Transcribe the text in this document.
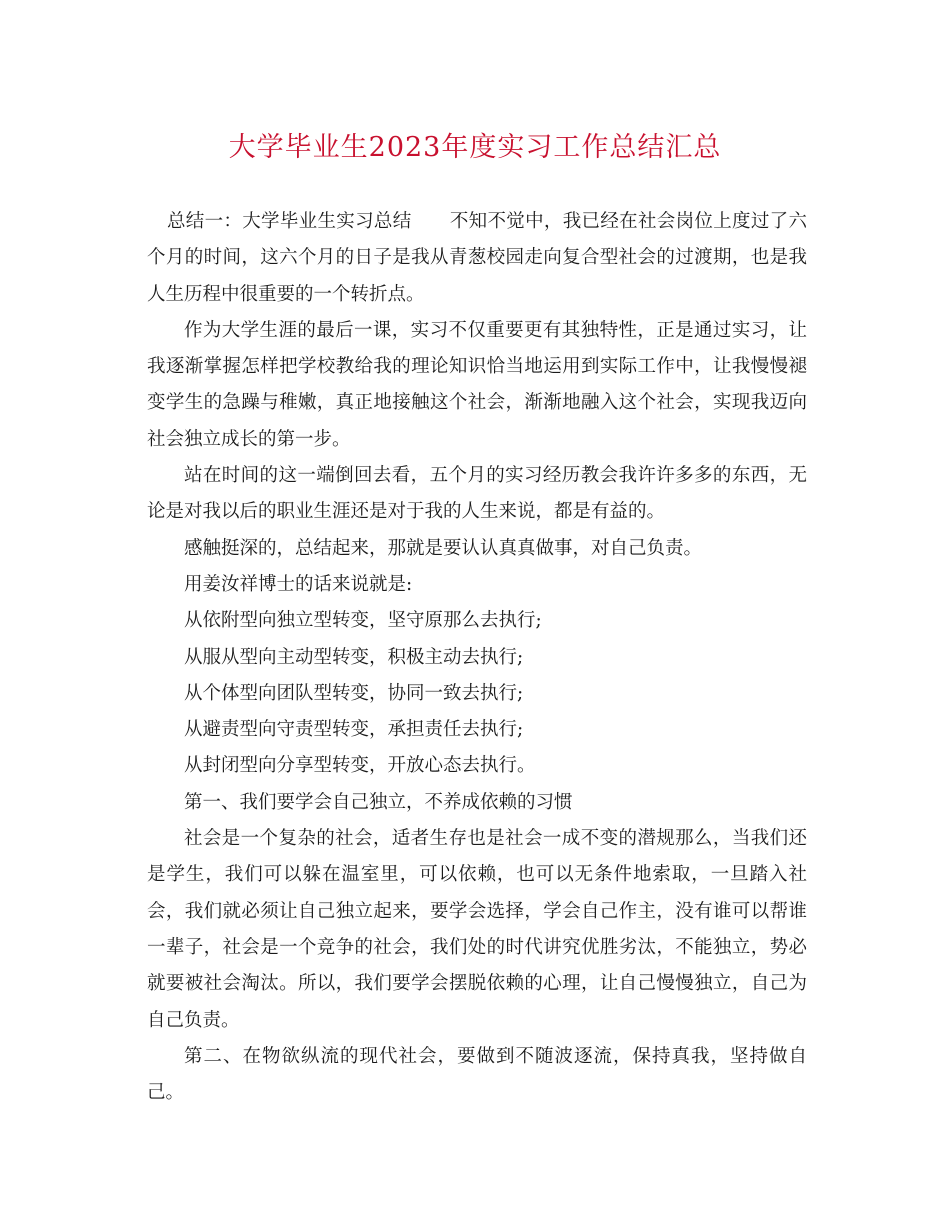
大学毕业生2023年度实习工作总结汇总

总结一：大学毕业生实习总结 不知不觉中，我已经在社会岗位上度过了六个月的时间，这六个月的日子是我从青葱校园走向复合型社会的过渡期，也是我人生历程中很重要的一个转折点。

作为大学生涯的最后一课，实习不仅重要更有其独特性，正是通过实习，让我逐渐掌握怎样把学校教给我的理论知识恰当地运用到实际工作中，让我慢慢褪变学生的急躁与稚嫩，真正地接触这个社会，渐渐地融入这个社会，实现我迈向社会独立成长的第一步。

站在时间的这一端倒回去看，五个月的实习经历教会我许许多多的东西，无论是对我以后的职业生涯还是对于我的人生来说，都是有益的。

感触挺深的，总结起来，那就是要认认真真做事，对自己负责。

用姜汝祥博士的话来说就是:

从依附型向独立型转变，坚守原那么去执行;

从服从型向主动型转变，积极主动去执行;

从个体型向团队型转变，协同一致去执行;

从避责型向守责型转变，承担责任去执行;

从封闭型向分享型转变，开放心态去执行。

第一、我们要学会自己独立，不养成依赖的习惯

社会是一个复杂的社会，适者生存也是社会一成不变的潜规那么，当我们还是学生，我们可以躲在温室里，可以依赖，也可以无条件地索取，一旦踏入社会，我们就必须让自己独立起来，要学会选择，学会自己作主，没有谁可以帮谁一辈子，社会是一个竞争的社会，我们处的时代讲究优胜劣汰，不能独立，势必就要被社会淘汰。所以，我们要学会摆脱依赖的心理，让自己慢慢独立，自己为自己负责。

第二、在物欲纵流的现代社会，要做到不随波逐流，保持真我，坚持做自己。
